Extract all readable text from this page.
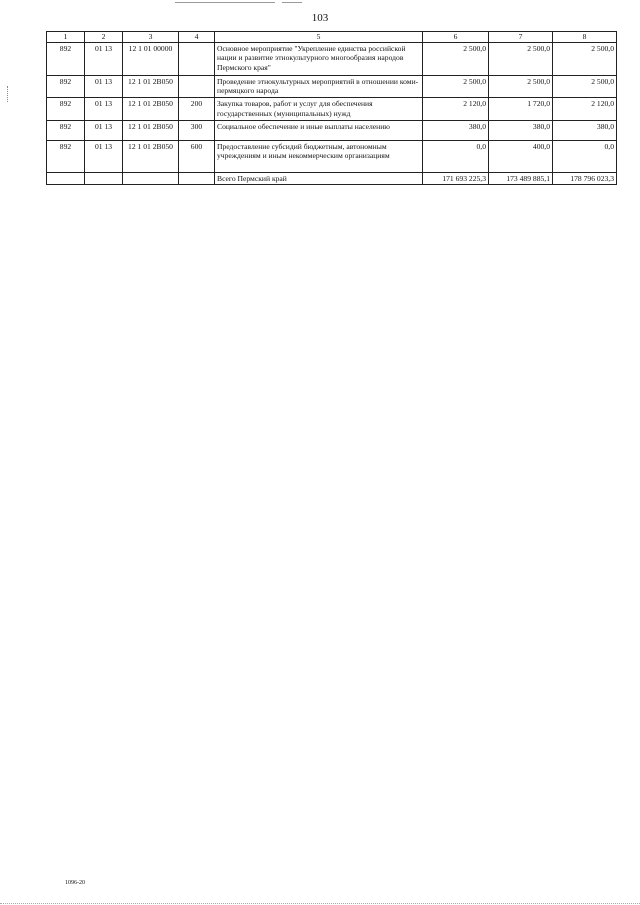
103
1	2	3	4	5	6	7	8
892	01 13	12 1 01 00000		Основное мероприятие "Укрепление единства российской нации и развитие этнокультурного многообразия народов Пермского края"	2 500,0	2 500,0	2 500,0
892	01 13	12 1 01 2В050		Проведение этнокультурных мероприятий в отношении коми-пермяцкого народа	2 500,0	2 500,0	2 500,0
892	01 13	12 1 01 2В050	200	Закупка товаров, работ и услуг для обеспечения государственных (муниципальных) нужд	2 120,0	1 720,0	2 120,0
892	01 13	12 1 01 2В050	300	Социальное обеспечение и иные выплаты населению	380,0	380,0	380,0
892	01 13	12 1 01 2В050	600	Предоставление субсидий бюджетным, автономным учреждениям и иным некоммерческим организациям	0,0	400,0	0,0
				Всего Пермский край	171 693 225,3	173 489 885,1	178 796 023,3
1096-20
